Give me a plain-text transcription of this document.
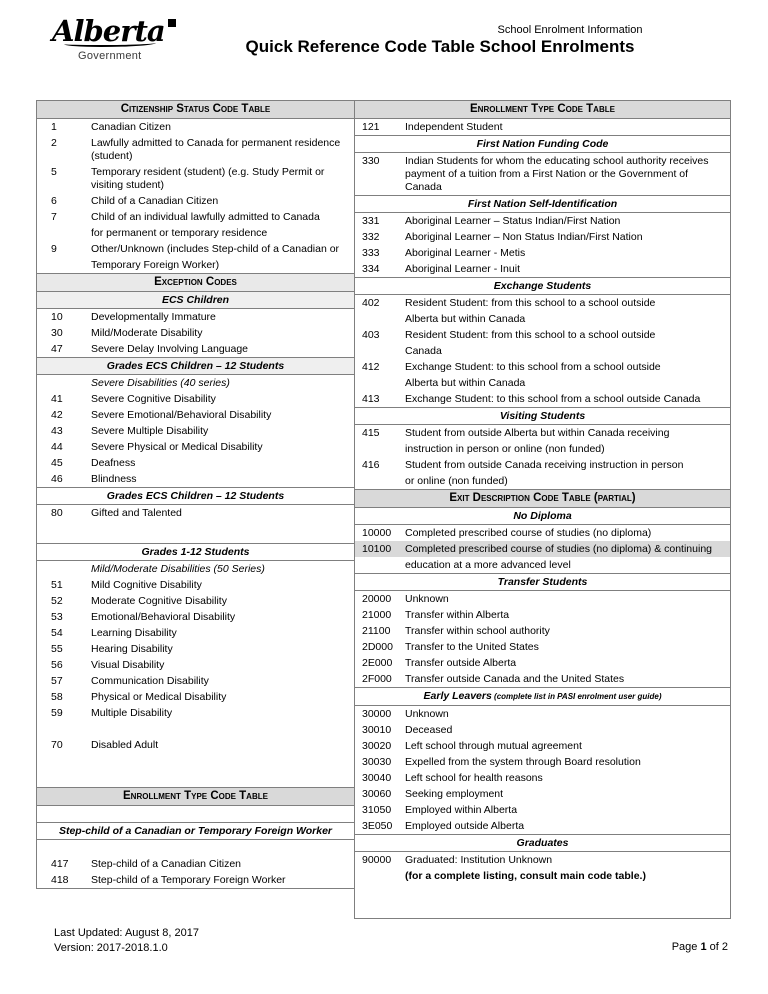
Alberta
Government
School Enrolment Information
Quick Reference Code Table School Enrolments
Citizenship Status Code Table
1	Canadian Citizen
2	Lawfully admitted to Canada for permanent residence (student)
5	Temporary resident (student) (e.g. Study Permit or visiting student)
6	Child of a Canadian Citizen
7	Child of an individual lawfully admitted to Canada
for permanent or temporary residence
9	Other/Unknown (includes Step-child of a Canadian or
Temporary Foreign Worker)
Exception Codes
ECS Children
10	Developmentally Immature
30	Mild/Moderate Disability
47	Severe Delay Involving Language
Grades ECS Children – 12 Students
Severe Disabilities (40 series)
41	Severe Cognitive Disability
42	Severe Emotional/Behavioral Disability
43	Severe Multiple Disability
44	Severe Physical or Medical Disability
45	Deafness
46	Blindness
Grades ECS Children – 12 Students
80	Gifted and Talented
Grades 1-12 Students
Mild/Moderate Disabilities (50 Series)
51	Mild Cognitive Disability
52	Moderate Cognitive Disability
53	Emotional/Behavioral Disability
54	Learning Disability
55	Hearing Disability
56	Visual Disability
57	Communication Disability
58	Physical or Medical Disability
59	Multiple Disability
70	Disabled Adult
Enrollment Type Code Table
Step-child of a Canadian or Temporary Foreign Worker
417	Step-child of a Canadian Citizen
418	Step-child of a Temporary Foreign Worker
Enrollment Type Code Table
121	Independent Student
First Nation Funding Code
330	Indian Students for whom the educating school authority receives payment of a tuition from a First Nation or the Government of Canada
First Nation Self-Identification
331	Aboriginal Learner – Status Indian/First Nation
332	Aboriginal Learner – Non Status Indian/First Nation
333	Aboriginal Learner - Metis
334	Aboriginal Learner - Inuit
Exchange Students
402	Resident Student: from this school to a school outside
Alberta but within Canada
403	Resident Student: from this school to a school outside
Canada
412	Exchange Student: to this school from a school outside
Alberta but within Canada
413	Exchange Student: to this school from a school outside Canada
Visiting Students
415	Student from outside Alberta but within Canada receiving
instruction in person or online (non funded)
416	Student from outside Canada receiving instruction in person
or online (non funded)
Exit Description Code Table (partial)
No Diploma
10000	Completed prescribed course of studies (no diploma)
10100	Completed prescribed course of studies (no diploma) & continuing
education at a more advanced level
Transfer Students
20000	Unknown
21000	Transfer within Alberta
21100	Transfer within school authority
2D000	Transfer to the United States
2E000	Transfer outside Alberta
2F000	Transfer outside Canada and the United States
Early Leavers (complete list in PASI enrolment user guide)
30000	Unknown
30010	Deceased
30020	Left school through mutual agreement
30030	Expelled from the system through Board resolution
30040	Left school for health reasons
30060	Seeking employment
31050	Employed within Alberta
3E050	Employed outside Alberta
Graduates
90000	Graduated: Institution Unknown
(for a complete listing, consult main code table.)
Last Updated: August 8, 2017
Version: 2017-2018.1.0	Page 1 of 2
